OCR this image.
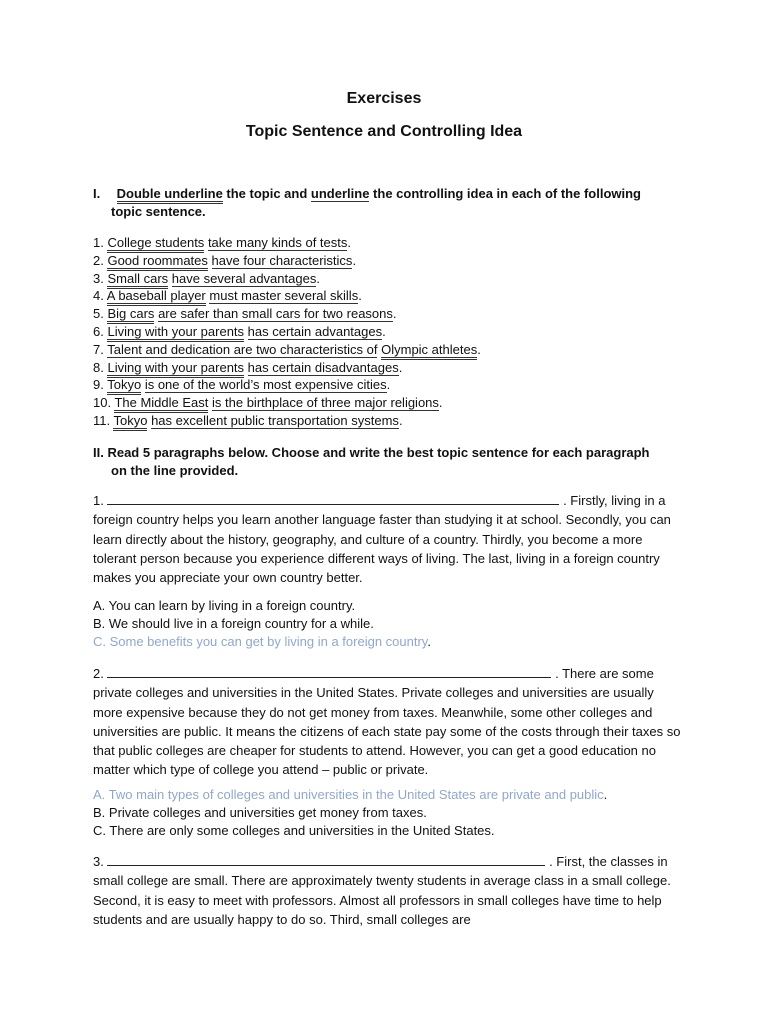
Exercises
Topic Sentence and Controlling Idea
I. Double underline the topic and underline the controlling idea in each of the following
topic sentence.
1. College students take many kinds of tests.
2. Good roommates have four characteristics.
3. Small cars have several advantages.
4. A baseball player must master several skills.
5. Big cars are safer than small cars for two reasons.
6. Living with your parents has certain advantages.
7. Talent and dedication are two characteristics of Olympic athletes.
8. Living with your parents has certain disadvantages.
9. Tokyo is one of the world’s most expensive cities.
10. The Middle East is the birthplace of three major religions.
11. Tokyo has excellent public transportation systems.
II. Read 5 paragraphs below. Choose and write the best topic sentence for each paragraph
on the line provided.
1.	. Firstly, living in a foreign country helps you learn another language faster than studying it at school. Secondly, you can learn directly about the history, geography, and culture of a country. Thirdly, you become a more tolerant person because you experience different ways of living. The last, living in a foreign country makes you appreciate your own country better.
A. You can learn by living in a foreign country.
B. We should live in a foreign country for a while.
C. Some benefits you can get by living in a foreign country.
2.	. There are some private colleges and universities in the United States. Private colleges and universities are usually more expensive because they do not get money from taxes. Meanwhile, some other colleges and universities are public. It means the citizens of each state pay some of the costs through their taxes so that public colleges are cheaper for students to attend. However, you can get a good education no matter which type of college you attend – public or private.
A. Two main types of colleges and universities in the United States are private and public.
B. Private colleges and universities get money from taxes.
C. There are only some colleges and universities in the United States.
3.	. First, the classes in small college are small. There are approximately twenty students in average class in a small college. Second, it is easy to meet with professors. Almost all professors in small colleges have time to help students and are usually happy to do so. Third, small colleges are
